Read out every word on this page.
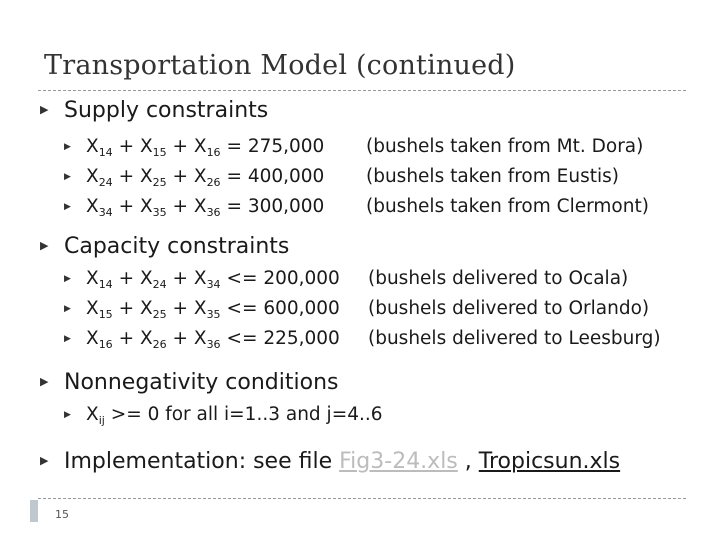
Transportation Model (continued)
▶ Supply constraints
▶ $X_{14} + X_{15} + X_{16} = 275,000$ (bushels taken from Mt. Dora)
▶ $X_{24} + X_{25} + X_{26} = 400,000$ (bushels taken from Eustis)
▶ $X_{34} + X_{35} + X_{36} = 300,000$ (bushels taken from Clermont)
▶ Capacity constraints
▶ $X_{14} + X_{24} + X_{34} <= 200,000$ (bushels delivered to Ocala)
▶ $X_{15} + X_{25} + X_{35} <= 600,000$ (bushels delivered to Orlando)
▶ $X_{16} + X_{26} + X_{36} <= 225,000$ (bushels delivered to Leesburg)
▶ Nonnegativity conditions
▶ $X_{ij} >= 0$ for all i=1..3 and j=4..6
▶ Implementation: see file Fig3-24.xls , Tropicsun.xls
15
